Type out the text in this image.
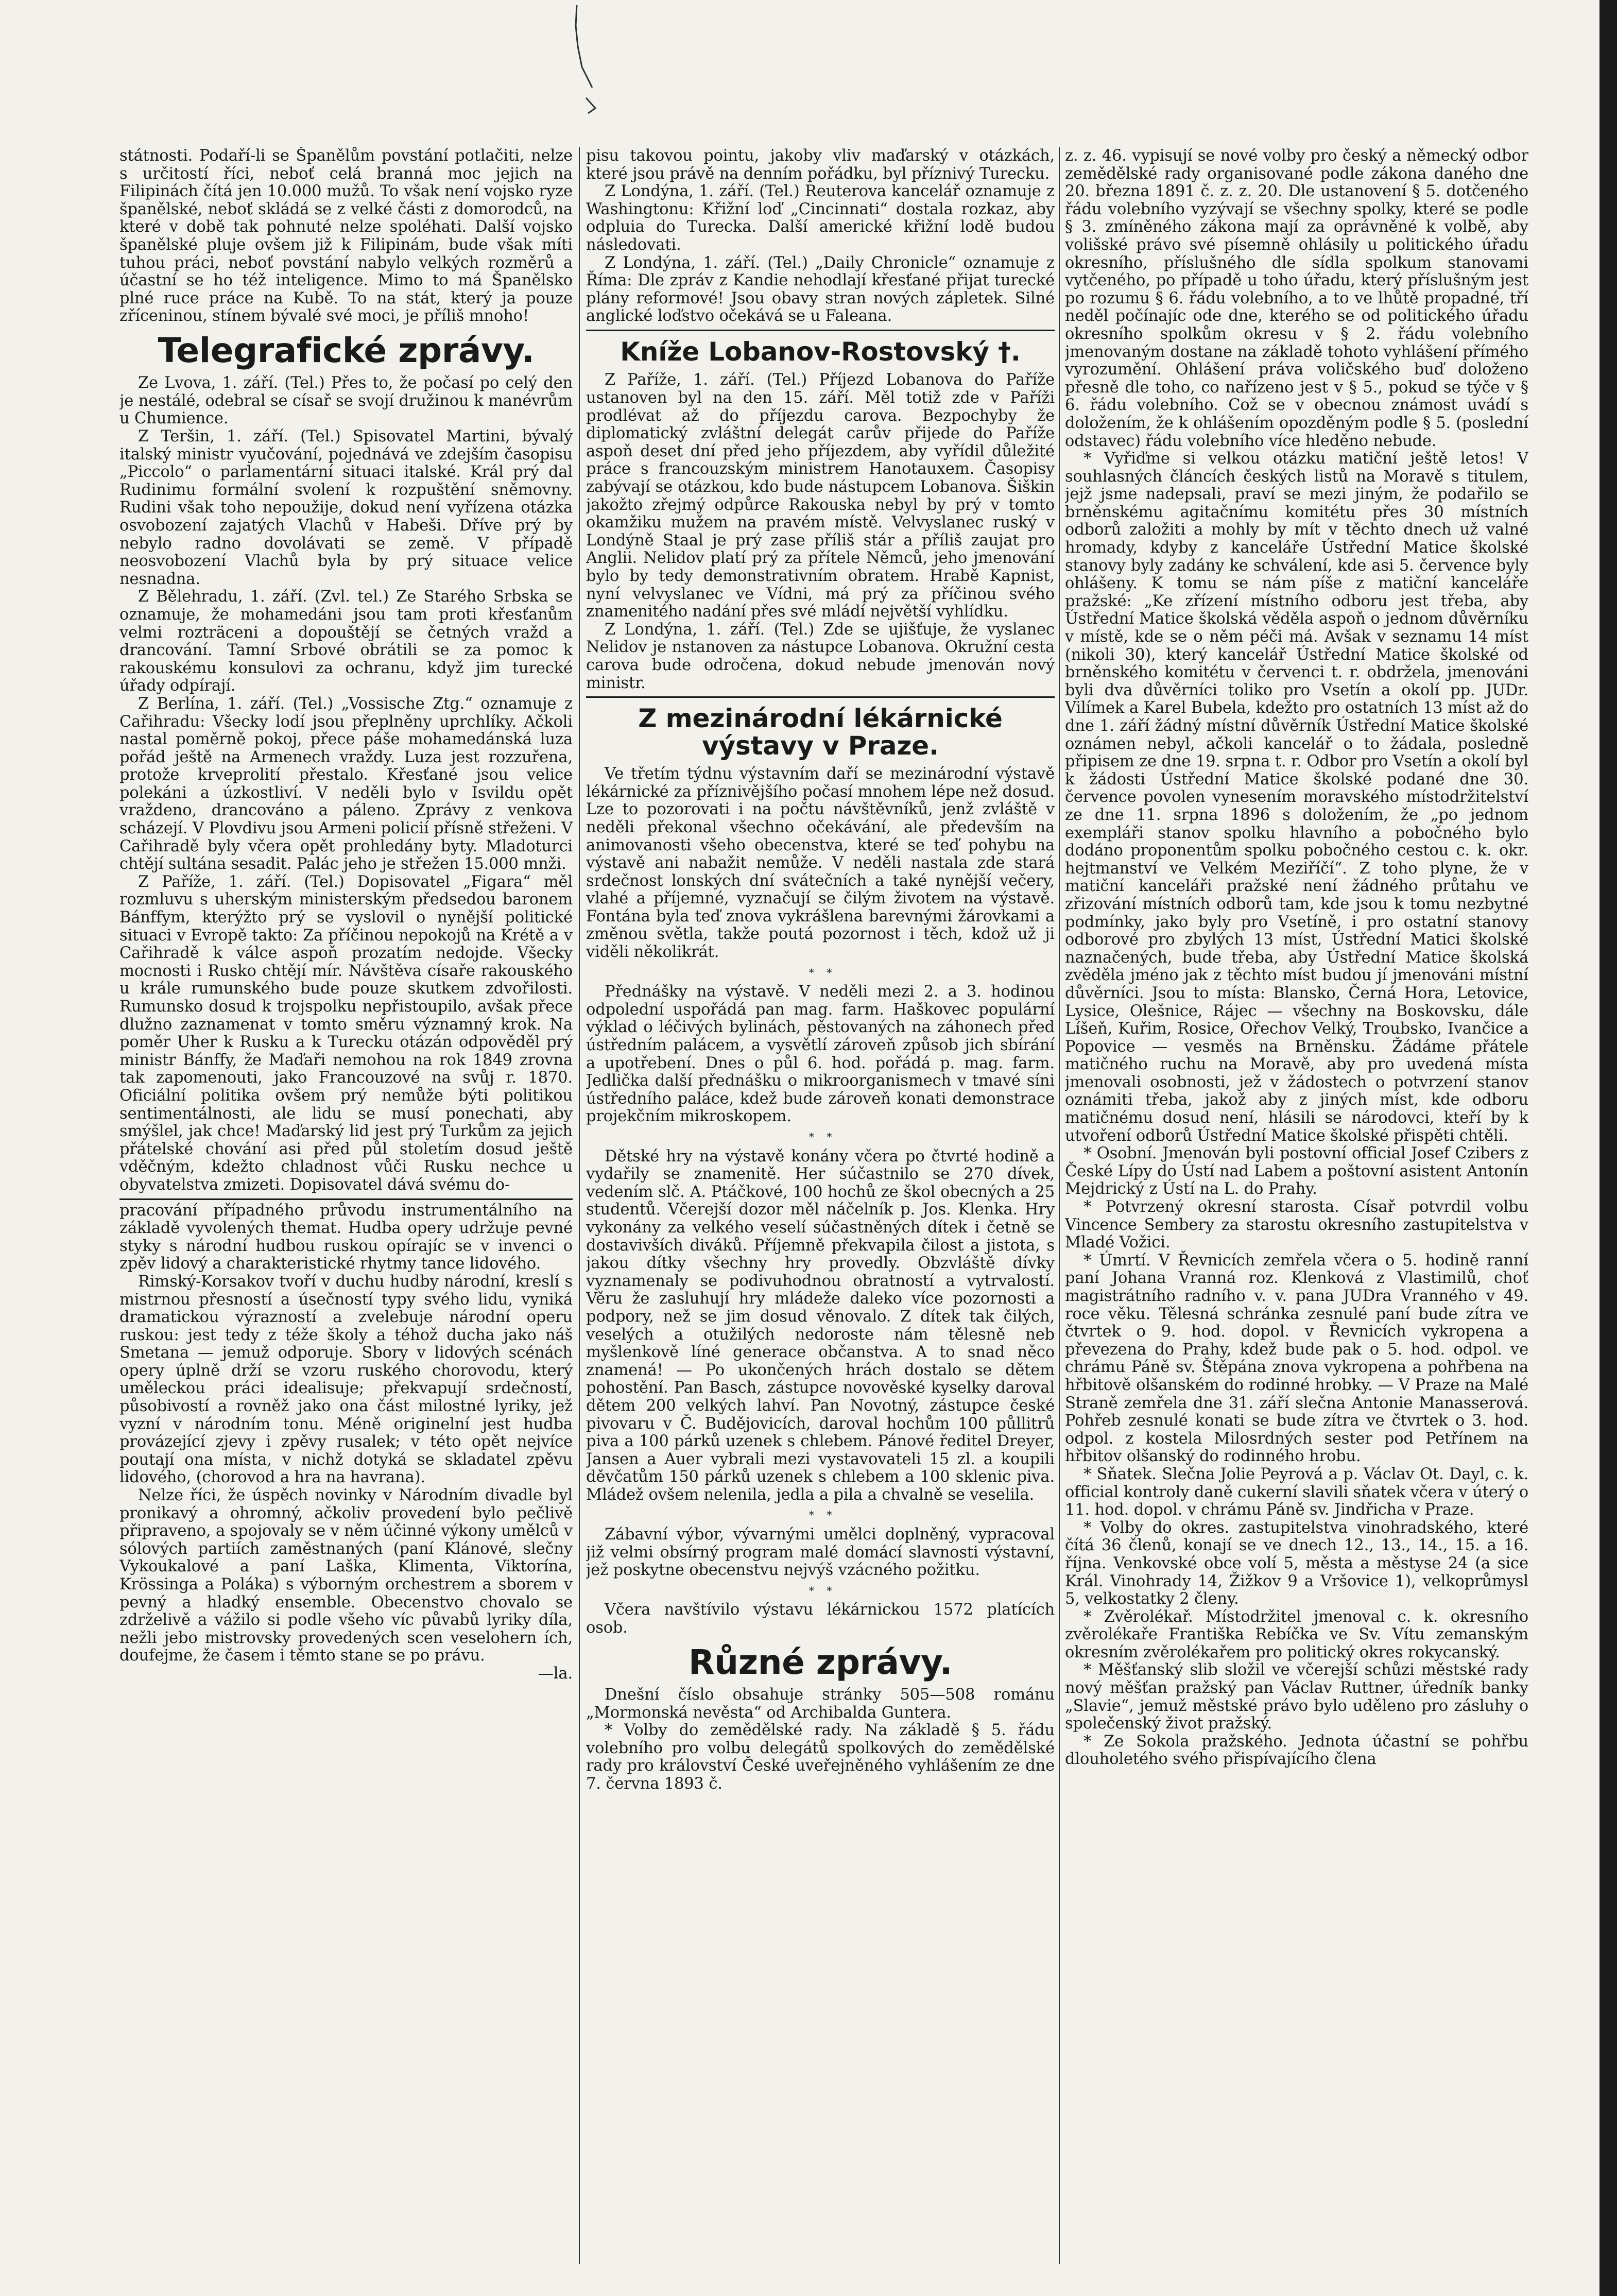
státnosti. Podaří-li se Španělům povstání potlačiti, nelze s určitostí říci, neboť celá branná moc jejich na Filipinách čítá jen 10.000 mužů. To však není vojsko ryze španělské, neboť skládá se z velké části z domorodců, na které v době tak pohnuté nelze spoléhati. Další vojsko španělské pluje ovšem již k Filipinám, bude však míti tuhou práci, neboť povstání nabylo velkých rozměrů a účastní se ho též inteligence. Mimo to má Španělsko plné ruce práce na Kubě. To na stát, který ja pouze zříceninou, stínem bývalé své moci, je příliš mnoho!

Telegrafické zprávy.

Ze Lvova, 1. září. (Tel.) Přes to, že počasí po celý den je nestálé, odebral se císař se svojí družinou k manévrům u Chumience.

Z Teršin, 1. září. (Tel.) Spisovatel Martini, bývalý italský ministr vyučování, pojednává ve zdejším časopisu „Piccolo“ o parlamentární situaci italské. Král prý dal Rudinimu formální svolení k rozpuštění sněmovny. Rudini však toho nepoužije, dokud není vyřízena otázka osvobození zajatých Vlachů v Habeši. Dříve prý by nebylo radno dovolávati se země. V případě neosvobození Vlachů byla by prý situace velice nesnadna.

Z Bělehradu, 1. září. (Zvl. tel.) Ze Starého Srbska se oznamuje, že mohamedáni jsou tam proti křesťanům velmi rozträceni a dopouštějí se četných vražd a drancování. Tamní Srbové obrátili se za pomoc k rakouskému konsulovi za ochranu, když jim turecké úřady odpírají.

Z Berlína, 1. září. (Tel.) „Vossische Ztg.“ oznamuje z Cařihradu: Všecky lodí jsou přeplněny uprchlíky. Ačkoli nastal poměrně pokoj, přece páše mohamedánská luza pořád ještě na Armenech vraždy. Luza jest rozzuřena, protože krveprolití přestalo. Křesťané jsou velice polekáni a úzkostliví. V neděli bylo v Isvildu opět vraždeno, drancováno a páleno. Zprávy z venkova scházejí. V Plovdivu jsou Armeni policií přísně střeženi. V Cařihradě byly včera opět prohledány byty. Mladoturci chtějí sultána sesadit. Palác jeho je střežen 15.000 mnži.

Z Paříže, 1. září. (Tel.) Dopisovatel „Figara“ měl rozmluvu s uherským ministerským předsedou baronem Bánffym, kterýžto prý se vyslovil o nynější politické situaci v Evropě takto: Za příčinou nepokojů na Krétě a v Cařihradě k válce aspoň prozatím nedojde. Všecky mocnosti i Rusko chtějí mír. Návštěva císaře rakouského u krále rumunského bude pouze skutkem zdvořilosti. Rumunsko dosud k trojspolku nepřistoupilo, avšak přece dlužno zaznamenat v tomto směru významný krok. Na poměr Uher k Rusku a k Turecku otázán odpověděl prý ministr Bánffy, že Maďaři nemohou na rok 1849 zrovna tak zapomenouti, jako Francouzové na svůj r. 1870. Oficiální politika ovšem prý nemůže býti politikou sentimentálnosti, ale lidu se musí ponechati, aby smýšlel, jak chce! Maďarský lid jest prý Turkům za jejich přátelské chování asi před půl stoletím dosud ještě vděčným, kdežto chladnost vůči Rusku nechce u obyvatelstva zmizeti. Dopisovatel dává svému do-

pracování případného průvodu instrumentálního na základě vyvolených themat. Hudba opery udržuje pevné styky s národní hudbou ruskou opírajíc se v invenci o zpěv lidový a charakteristické rhytmy tance lidového.

Rimský-Korsakov tvoří v duchu hudby národní, kreslí s mistrnou přesností a úsečností typy svého lidu, vyniká dramatickou výrazností a zvelebuje národní operu ruskou: jest tedy z téže školy a téhož ducha jako náš Smetana — jemuž odporuje. Sbory v lidových scénách opery úplně drží se vzoru ruského chorovodu, který uměleckou práci idealisuje; překvapují srdečností, působivostí a rovněž jako ona část milostné lyriky, jež vyzní v národním tonu. Méně originelní jest hudba provázející zjevy i zpěvy rusalek; v této opět nejvíce poutají ona místa, v nichž dotyká se skladatel zpěvu lidového, (chorovod a hra na havrana).

Nelze říci, že úspěch novinky v Národním divadle byl pronikavý a ohromný, ačkoliv provedení bylo pečlivě připraveno, a spojovaly se v něm účinné výkony umělců v sólových partiích zaměstnaných (paní Klánové, slečny Vykoukalové a paní Laška, Klimenta, Viktorína, Krössinga a Poláka) s výborným orchestrem a sborem v pevný a hladký ensemble. Obecenstvo chovalo se zdrželivě a vážilo si podle všeho víc půvabů lyriky díla, nežli jebo mistrovsky provedených scen veselohern ích, doufejme, že časem i těmto stane se po právu.

—la.

pisu takovou pointu, jakoby vliv maďarský v otázkách, které jsou právě na denním pořádku, byl příznivý Turecku.

Z Londýna, 1. září. (Tel.) Reuterova kancelář oznamuje z Washingtonu: Křižní loď „Cincinnati“ dostala rozkaz, aby odpluia do Turecka. Další americké křižní lodě budou následovati.

Z Londýna, 1. září. (Tel.) „Daily Chronicle“ oznamuje z Říma: Dle zpráv z Kandie nehodlají křesťané přijat turecké plány reformové! Jsou obavy stran nových zápletek. Silné anglické loďstvo očekává se u Faleana.

Kníže Lobanov-Rostovský †.

Z Paříže, 1. září. (Tel.) Příjezd Lobanova do Paříže ustanoven byl na den 15. září. Měl totiž zde v Paříži prodlévat až do příjezdu carova. Bezpochyby že diplomatický zvláštní delegát carův přijede do Paříže aspoň deset dní před jeho příjezdem, aby vyřídil důležité práce s francouzským ministrem Hanotauxem. Časopisy zabývají se otázkou, kdo bude nástupcem Lobanova. Šiškin jakožto zřejmý odpůrce Rakouska nebyl by prý v tomto okamžiku mužem na pravém místě. Velvyslanec ruský v Londýně Staal je prý zase příliš stár a příliš zaujat pro Anglii. Nelidov platí prý za přítele Němců, jeho jmenování bylo by tedy demonstrativním obratem. Hrabě Kapnist, nyní velvyslanec ve Vídni, má prý za příčinou svého znamenitého nadání přes své mládí největší vyhlídku.

Z Londýna, 1. září. (Tel.) Zde se ujišťuje, že vyslanec Nelidov je nstanoven za nástupce Lobanova. Okružní cesta carova bude odročena, dokud nebude jmenován nový ministr.

Z mezinárodní lékárnické výstavy v Praze.

Ve třetím týdnu výstavním daří se mezinárodní výstavě lékárnické za příznivějšího počasí mnohem lépe než dosud. Lze to pozorovati i na počtu návštěvníků, jenž zvláště v neděli překonal všechno očekávání, ale především na animovanosti všeho obecenstva, které se teď pohybu na výstavě ani nabažit nemůže. V neděli nastala zde stará srdečnost lonských dní svátečních a také nynější večery, vlahé a příjemné, vyznačují se čilým životem na výstavě. Fontána byla teď znova vykrášlena barevnými žárovkami a změnou světla, takže poutá pozornost i těch, kdož už ji viděli několikrát.

*    *

Přednášky na výstavě. V neděli mezi 2. a 3. hodinou odpolední uspořádá pan mag. farm. Haškovec populární výklad o léčivých bylinách, pěstovaných na záhonech před ústředním palácem, a vysvětlí zároveň způsob jich sbírání a upotřebení. Dnes o půl 6. hod. pořádá p. mag. farm. Jedlička další přednášku o mikroorganismech v tmavé síni ústředního paláce, kdež bude zároveň konati demonstrace projekčním mikroskopem.

*    *

Dětské hry na výstavě konány včera po čtvrté hodině a vydařily se znamenitě. Her súčastnilo se 270 dívek, vedením slč. A. Ptáčkové, 100 hochů ze škol obecných a 25 studentů. Včerejší dozor měl náčelník p. Jos. Klenka. Hry vykonány za velkého veselí súčastněných dítek i četně se dostavivších diváků. Příjemně překvapila čilost a jistota, s jakou dítky všechny hry provedly. Obzvláště dívky vyznamenaly se podivuhodnou obratností a vytrvalostí. Věru že zasluhují hry mládeže daleko více pozornosti a podpory, než se jim dosud věnovalo. Z dítek tak čilých, veselých a otužilých nedoroste nám tělesně neb myšlenkově líné generace občanstva. A to snad něco znamená! — Po ukončených hrách dostalo se dětem pohostění. Pan Basch, zástupce novověské kyselky daroval dětem 200 velkých lahví. Pan Novotný, zástupce české pivovaru v Č. Budějovicích, daroval hochům 100 půllitrů piva a 100 párků uzenek s chlebem. Pánové ředitel Dreyer, Jansen a Auer vybrali mezi vystavovateli 15 zl. a koupili děvčatům 150 párků uzenek s chlebem a 100 sklenic piva. Mládež ovšem nelenila, jedla a pila a chvalně se veselila.

*    *

Zábavní výbor, vývarnými umělci doplněný, vypracoval již velmi obsírný program malé domácí slavnosti výstavní, jež poskytne obecenstvu nejvýš vzácného požitku.

*    *

Včera navštívilo výstavu lékárnickou 1572 platících osob.

Různé zprávy.

Dnešní číslo obsahuje stránky 505—508 románu „Mormonská nevěsta“ od Archibalda Guntera.

* Volby do zemědělské rady. Na základě § 5. řádu volebního pro volbu delegátů spolkových do zemědělské rady pro království České uveřejněného vyhlášením ze dne 7. června 1893 č.

z. z. 46. vypisují se nové volby pro český a německý odbor zemědělské rady organisované podle zákona daného dne 20. března 1891 č. z. z. 20. Dle ustanovení § 5. dotčeného řádu volebního vyzývají se všechny spolky, které se podle § 3. zmíněného zákona mají za oprávněné k volbě, aby volišské právo své písemně ohlásily u politického úřadu okresního, příslušného dle sídla spolkum stanovami vytčeného, po případě u toho úřadu, který příslušným jest po rozumu § 6. řádu volebního, a to ve lhůtě propadné, tří neděl počínajíc ode dne, kterého se od politického úřadu okresního spolkům okresu v § 2. řádu volebního jmenovaným dostane na základě tohoto vyhlášení přímého vyrozumění. Ohlášení práva voličského buď doloženo přesně dle toho, co nařízeno jest v § 5., pokud se týče v § 6. řádu volebního. Což se v obecnou známost uvádí s doložením, že k ohlášením opozděným podle § 5. (poslední odstavec) řádu volebního více hleděno nebude.

* Vyřiďme si velkou otázku matiční ještě letos! V souhlasných článcích českých listů na Moravě s titulem, jejž jsme nadepsali, praví se mezi jiným, že podařilo se brněnskému agitačnímu komitétu přes 30 místních odborů založiti a mohly by mít v těchto dnech už valné hromady, kdyby z kanceláře Ústřední Matice školské stanovy byly zadány ke schválení, kde asi 5. července byly ohlášeny. K tomu se nám píše z matiční kanceláře pražské: „Ke zřízení místního odboru jest třeba, aby Ústřední Matice školská věděla aspoň o jednom důvěrníku v místě, kde se o něm péči má. Avšak v seznamu 14 míst (nikoli 30), který kancelář Ústřední Matice školské od brněnského komitétu v červenci t. r. obdržela, jmenováni byli dva důvěrníci toliko pro Vsetín a okolí pp. JUDr. Vilímek a Karel Bubela, kdežto pro ostatních 13 míst až do dne 1. září žádný místní důvěrník Ústřední Matice školské oznámen nebyl, ačkoli kancelář o to žádala, posledně připisem ze dne 19. srpna t. r. Odbor pro Vsetín a okolí byl k žádosti Ústřední Matice školské podané dne 30. července povolen vynesením moravského místodržitelství ze dne 11. srpna 1896 s doložením, že „po jednom exempláři stanov spolku hlavního a pobočného bylo dodáno proponentům spolku pobočného cestou c. k. okr. hejtmanství ve Velkém Meziříčí“. Z toho plyne, že v matiční kanceláři pražské není žádného průtahu ve zřizování místních odborů tam, kde jsou k tomu nezbytné podmínky, jako byly pro Vsetíně, i pro ostatní stanovy odborové pro zbylých 13 míst, Ústřední Matici školské naznačených, bude třeba, aby Ústřední Matice školská zvěděla jméno jak z těchto míst budou jí jmenováni místní důvěrníci. Jsou to místa: Blansko, Černá Hora, Letovice, Lysice, Olešnice, Rájec — všechny na Boskovsku, dále Líšeň, Kuřim, Rosice, Ořechov Velký, Troubsko, Ivančice a Popovice — vesměs na Brněnsku. Žádáme přátele matičného ruchu na Moravě, aby pro uvedená místa jmenovali osobnosti, jež v žádostech o potvrzení stanov oznámiti třeba, jakož aby z jiných míst, kde odboru matičnému dosud není, hlásili se národovci, kteří by k utvoření odborů Ústřední Matice školské přispěti chtěli.

* Osobní. Jmenován byli postovní official Josef Czibers z České Lípy do Ústí nad Labem a poštovní asistent Antonín Mejdrický z Ústí na L. do Prahy.

* Potvrzený okresní starosta. Císař potvrdil volbu Vincence Sembery za starostu okresního zastupitelstva v Mladé Vožici.

* Úmrtí. V Řevnicích zemřela včera o 5. hodině ranní paní Johana Vranná roz. Klenková z Vlastimilů, choť magistrátního radního v. v. pana JUDra Vranného v 49. roce věku. Tělesná schránka zesnulé paní bude zítra ve čtvrtek o 9. hod. dopol. v Řevnicích vykropena a převezena do Prahy, kdež bude pak o 5. hod. odpol. ve chrámu Páně sv. Štěpána znova vykropena a pohřbena na hřbitově olšanském do rodinné hrobky. — V Praze na Malé Straně zemřela dne 31. září slečna Antonie Manasserová. Pohřeb zesnulé konati se bude zítra ve čtvrtek o 3. hod. odpol. z kostela Milosrdných sester pod Petřínem na hřbitov olšanský do rodinného hrobu.

* Sňatek. Slečna Jolie Peyrová a p. Václav Ot. Dayl, c. k. official kontroly daně cukerní slavili sňatek včera v úterý o 11. hod. dopol. v chrámu Páně sv. Jindřicha v Praze.

* Volby do okres. zastupitelstva vinohradského, které čítá 36 členů, konají se ve dnech 12., 13., 14., 15. a 16. října. Venkovské obce volí 5, města a městyse 24 (a sice Král. Vinohrady 14, Žižkov 9 a Vršovice 1), velkoprůmysl 5, velkostatky 2 členy.

* Zvěrolékař. Místodržitel jmenoval c. k. okresního zvěrolékaře Františka Rebíčka ve Sv. Vítu zemanským okresním zvěrolékařem pro politický okres rokycanský.

* Měšťanský slib složil ve včerejší schůzi městské rady nový měšťan pražský pan Václav Ruttner, úředník banky „Slavie“, jemuž městské právo bylo uděleno pro zásluhy o společenský život pražský.

* Ze Sokola pražského. Jednota účastní se pohřbu dlouholetého svého přispívajícího člena
